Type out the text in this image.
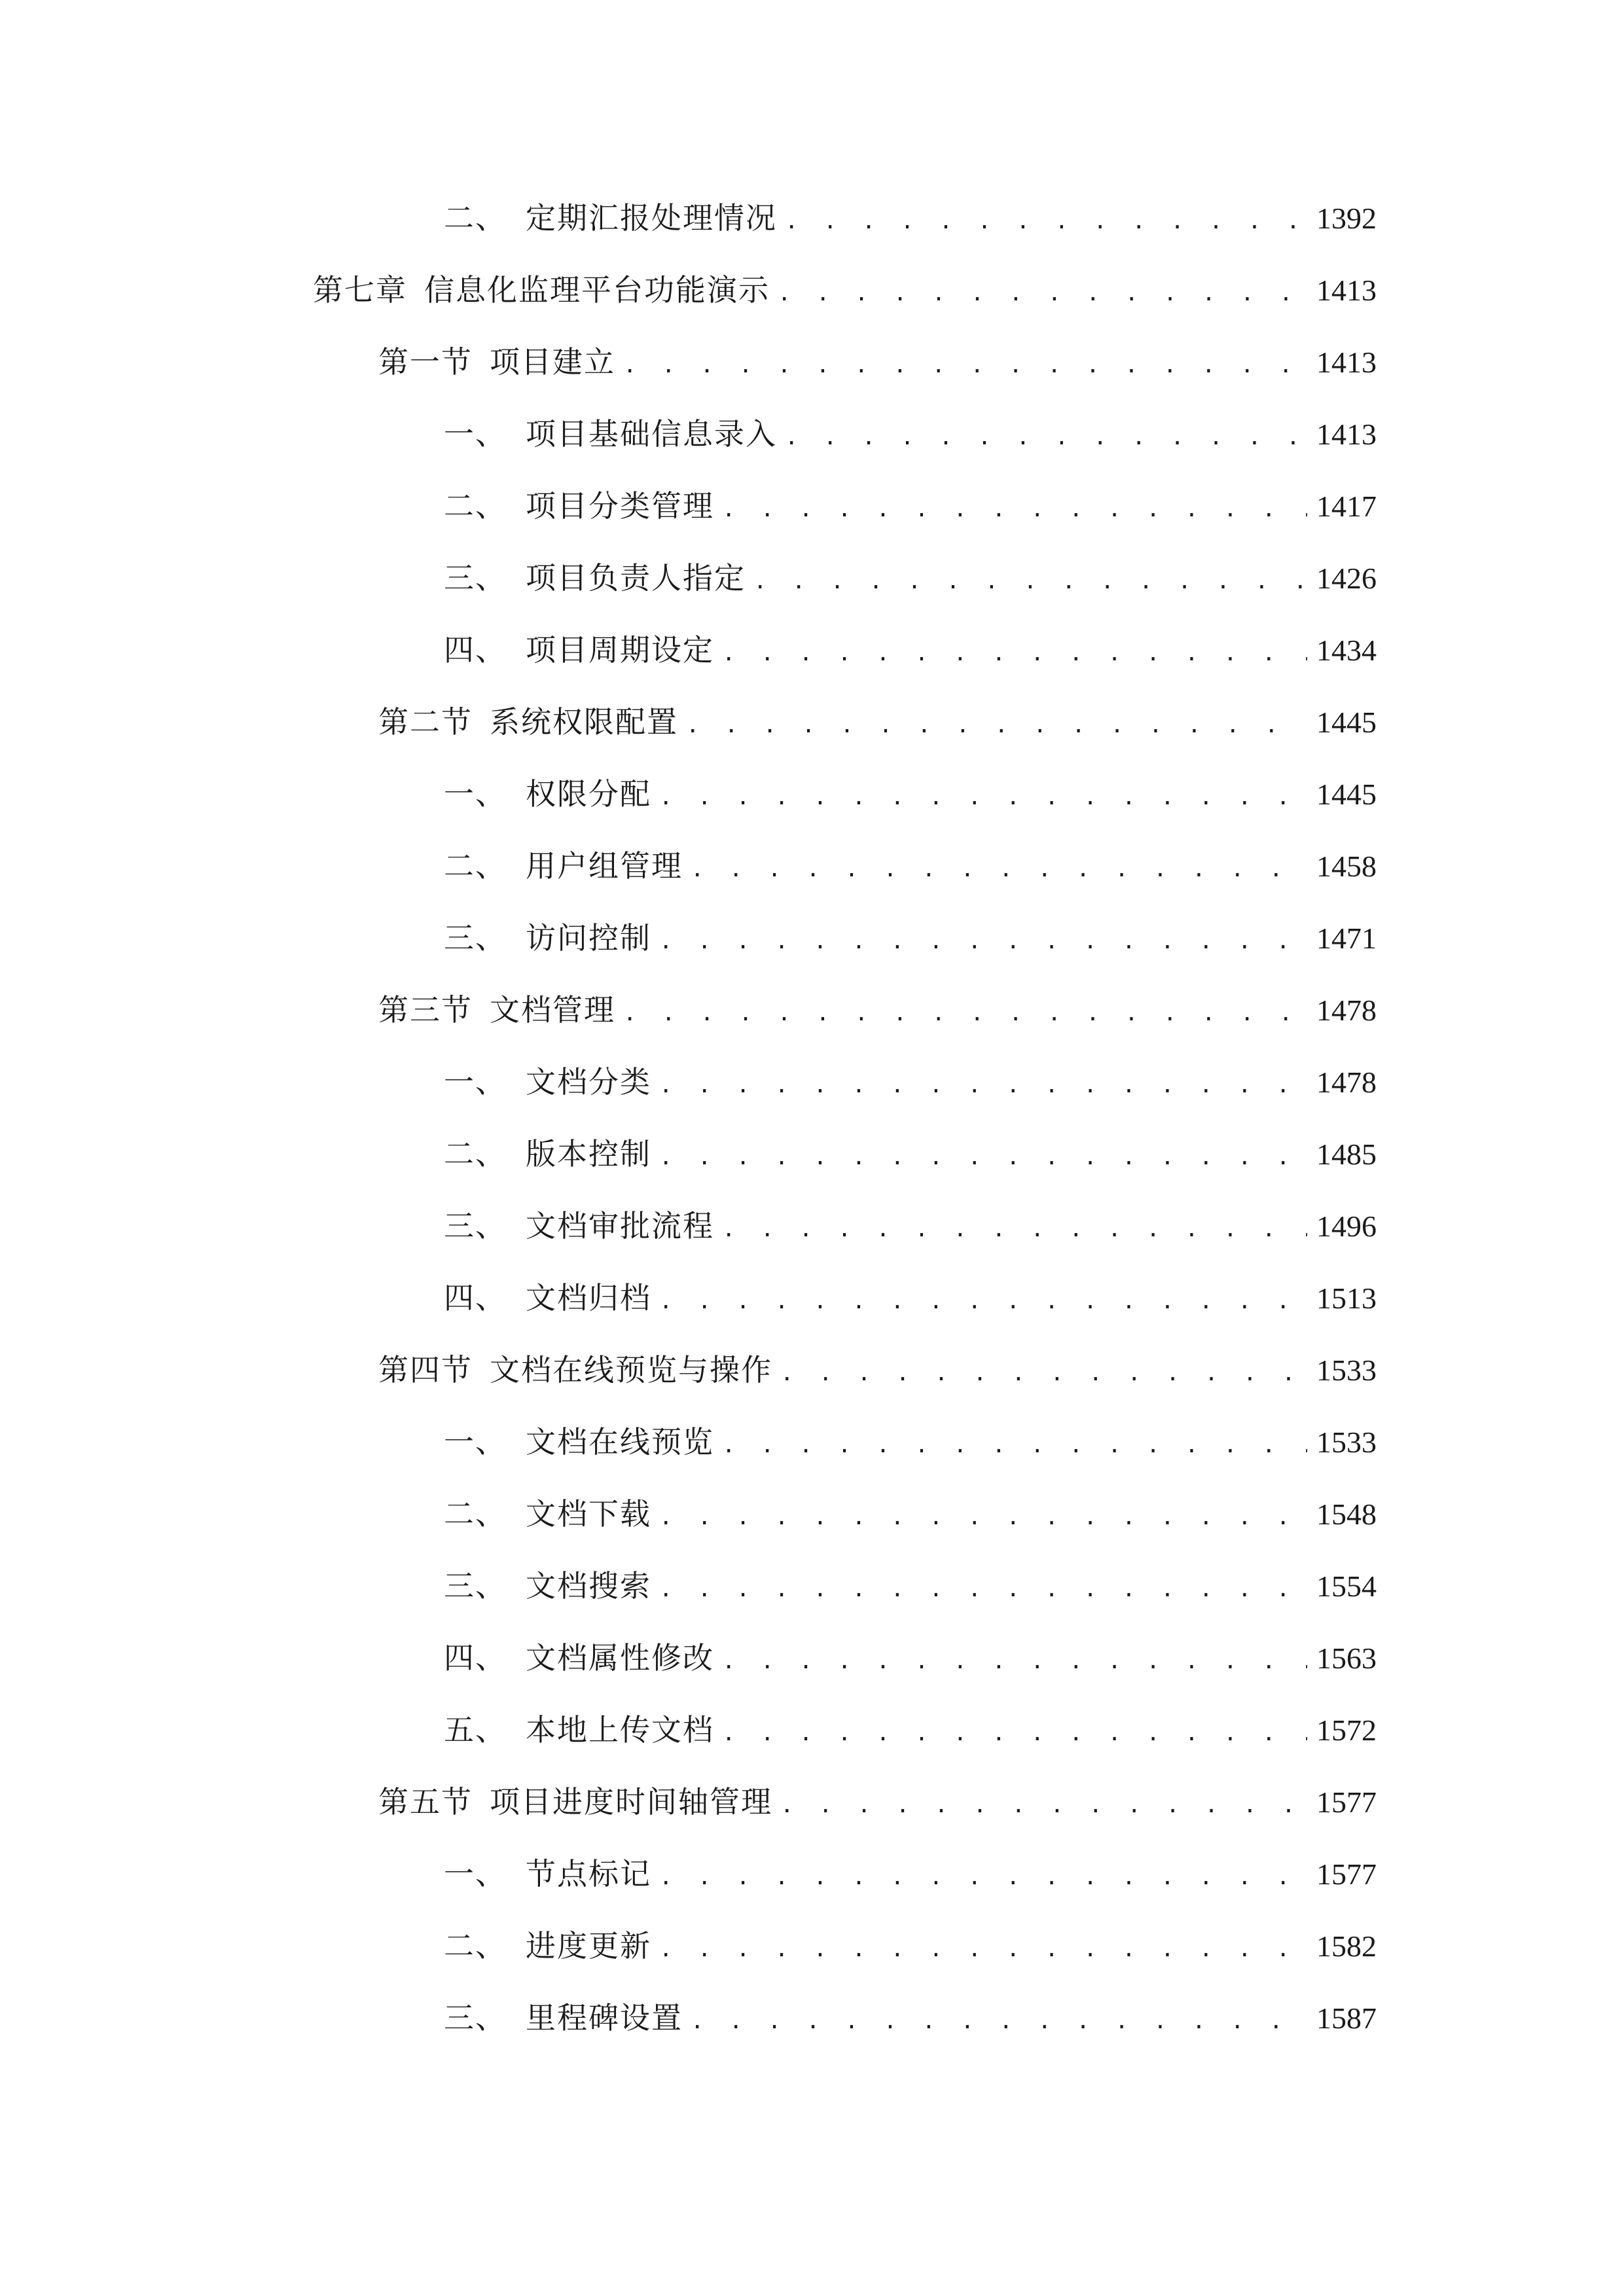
二、 定期汇报处理情况 . . .	1392
第七章 信息化监理平台功能演示 . . .	1413
第一节 项目建立 . . .	1413
一、 项目基础信息录入 . . .	1413
二、 项目分类管理 . . .	1417
三、 项目负责人指定 . . .	1426
四、 项目周期设定 . . .	1434
第二节 系统权限配置 . . .	1445
一、 权限分配 . . .	1445
二、 用户组管理 . . .	1458
三、 访问控制 . . .	1471
第三节 文档管理 . . .	1478
一、 文档分类 . . .	1478
二、 版本控制 . . .	1485
三、 文档审批流程 . . .	1496
四、 文档归档 . . .	1513
第四节 文档在线预览与操作 . . .	1533
一、 文档在线预览 . . .	1533
二、 文档下载 . . .	1548
三、 文档搜索 . . .	1554
四、 文档属性修改 . . .	1563
五、 本地上传文档 . . .	1572
第五节 项目进度时间轴管理 . . .	1577
一、 节点标记 . . .	1577
二、 进度更新 . . .	1582
三、 里程碑设置 . . .	1587
